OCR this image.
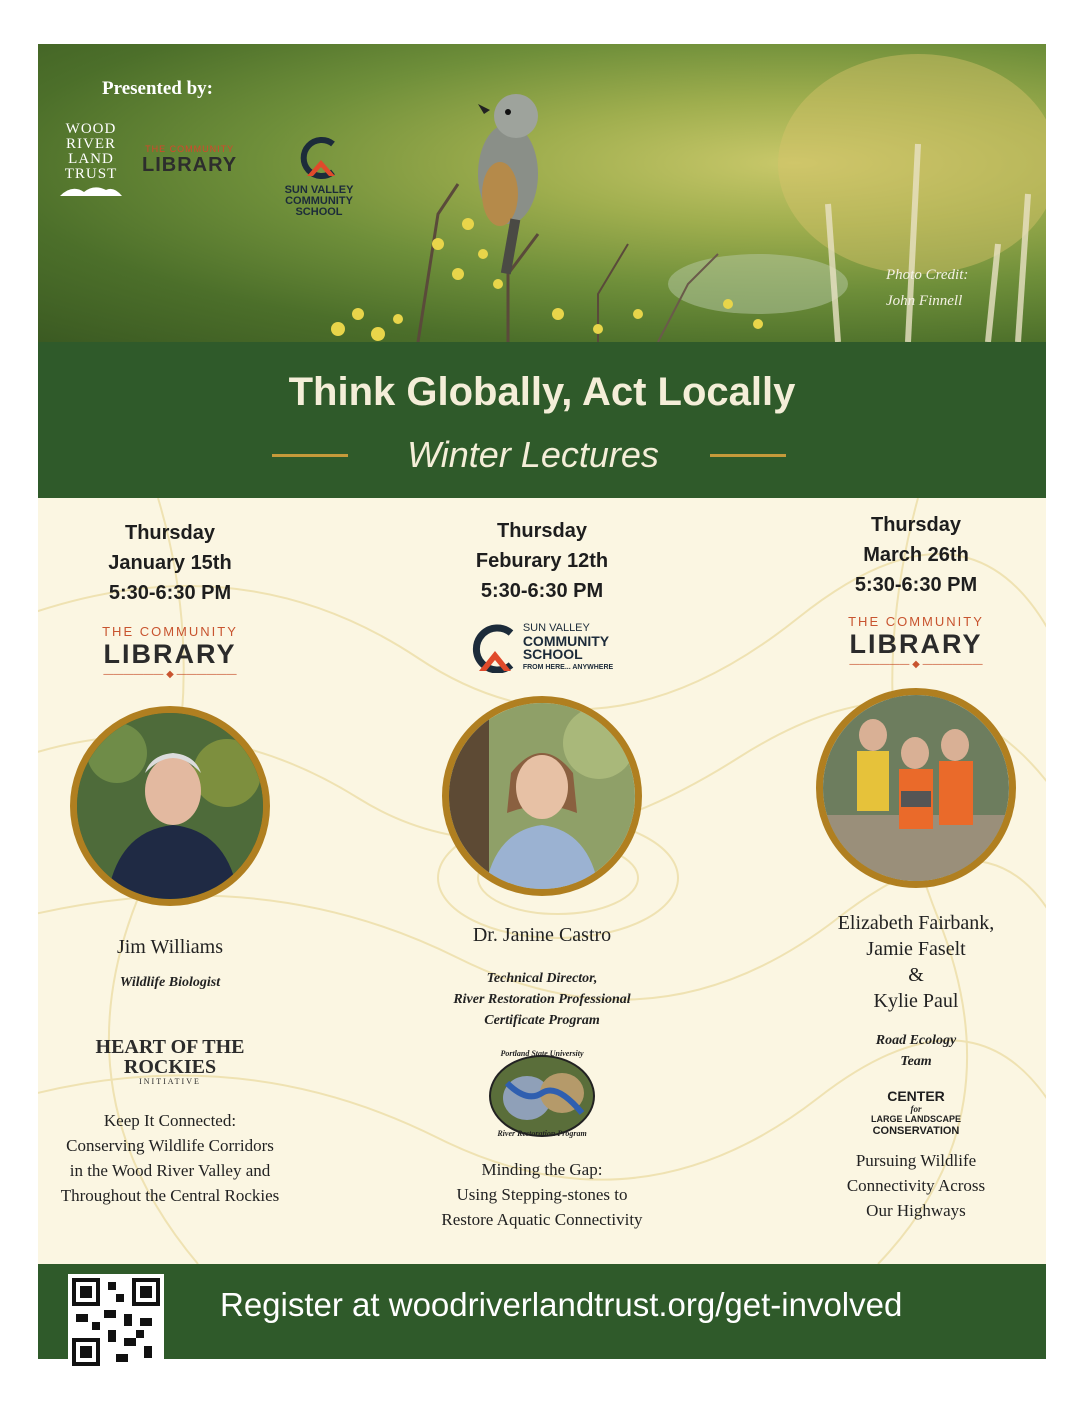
Presented by:
WOOD
RIVER
LAND
TRUST
THE COMMUNITY
LIBRARY
SUN VALLEY
COMMUNITY
SCHOOL
Photo Credit:
John Finnell
Think Globally, Act Locally
Winter Lectures
Thursday
January 15th
5:30-6:30 PM
THE COMMUNITY
LIBRARY
―――――― ◆ ――――――
Jim Williams
Wildlife Biologist
HEART OF THE
ROCKIES
INITIATIVE
Keep It Connected:
Conserving Wildlife Corridors
in the Wood River Valley and
Throughout the Central Rockies
Thursday
Feburary 12th
5:30-6:30 PM
SUN VALLEY
COMMUNITY
SCHOOL
FROM HERE... ANYWHERE
Dr. Janine Castro
Technical Director,
River Restoration Professional
Certificate Program
Portland State University
River Restoration Program
Minding the Gap:
Using Stepping-stones to
Restore Aquatic Connectivity
Thursday
March 26th
5:30-6:30 PM
THE COMMUNITY
LIBRARY
―――――― ◆ ――――――
Elizabeth Fairbank,
Jamie Faselt
&
Kylie Paul
Road Ecology
Team
CENTER
for
LARGE LANDSCAPE
CONSERVATION
Pursuing Wildlife
Connectivity Across
Our Highways
Register at woodriverlandtrust.org/get-involved
